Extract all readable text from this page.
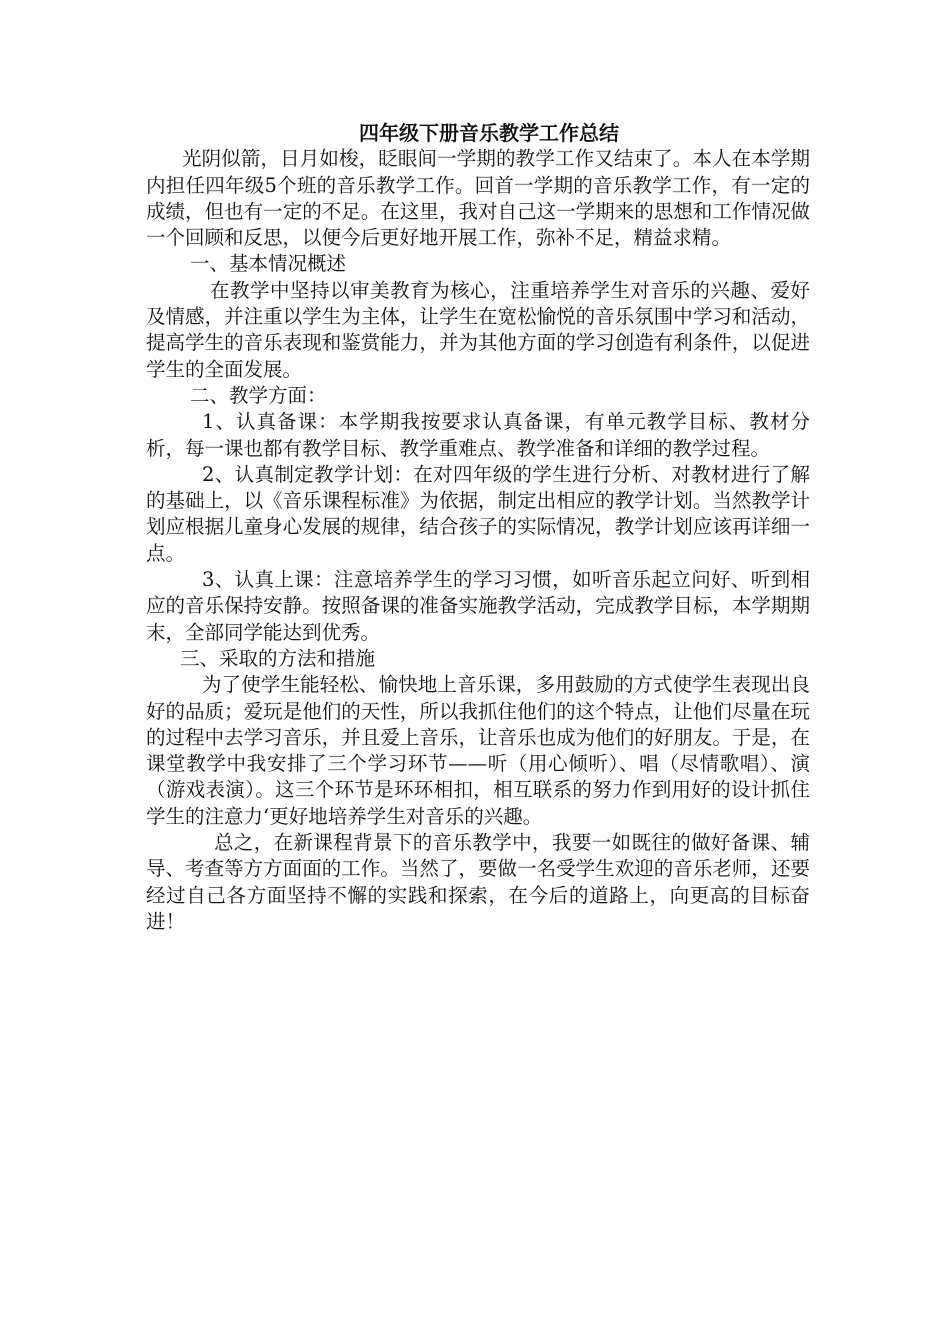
四年级下册音乐教学工作总结

光阴似箭，日月如梭，眨眼间一学期的教学工作又结束了。本人在本学期内担任四年级5个班的音乐教学工作。回首一学期的音乐教学工作，有一定的成绩，但也有一定的不足。在这里，我对自己这一学期来的思想和工作情况做一个回顾和反思，以便今后更好地开展工作，弥补不足，精益求精。

一、基本情况概述

在教学中坚持以审美教育为核心，注重培养学生对音乐的兴趣、爱好及情感，并注重以学生为主体，让学生在宽松愉悦的音乐氛围中学习和活动，提高学生的音乐表现和鉴赏能力，并为其他方面的学习创造有利条件，以促进学生的全面发展。

二、教学方面：

1、认真备课：本学期我按要求认真备课，有单元教学目标、教材分析，每一课也都有教学目标、教学重难点、教学准备和详细的教学过程。

2、认真制定教学计划：在对四年级的学生进行分析、对教材进行了解的基础上，以《音乐课程标准》为依据，制定出相应的教学计划。当然教学计划应根据儿童身心发展的规律，结合孩子的实际情况，教学计划应该再详细一点。

3、认真上课：注意培养学生的学习习惯，如听音乐起立问好、听到相应的音乐保持安静。按照备课的准备实施教学活动，完成教学目标，本学期期末，全部同学能达到优秀。

三、采取的方法和措施

为了使学生能轻松、愉快地上音乐课，多用鼓励的方式使学生表现出良好的品质；爱玩是他们的天性，所以我抓住他们的这个特点，让他们尽量在玩的过程中去学习音乐，并且爱上音乐，让音乐也成为他们的好朋友。于是，在课堂教学中我安排了三个学习环节——听（用心倾听）、唱（尽情歌唱）、演（游戏表演）。这三个环节是环环相扣，相互联系的努力作到用好的设计抓住学生的注意力‘更好地培养学生对音乐的兴趣。

总之，在新课程背景下的音乐教学中，我要一如既往的做好备课、辅导、考查等方方面面的工作。当然了，要做一名受学生欢迎的音乐老师，还要经过自己各方面坚持不懈的实践和探索，在今后的道路上，向更高的目标奋进！
